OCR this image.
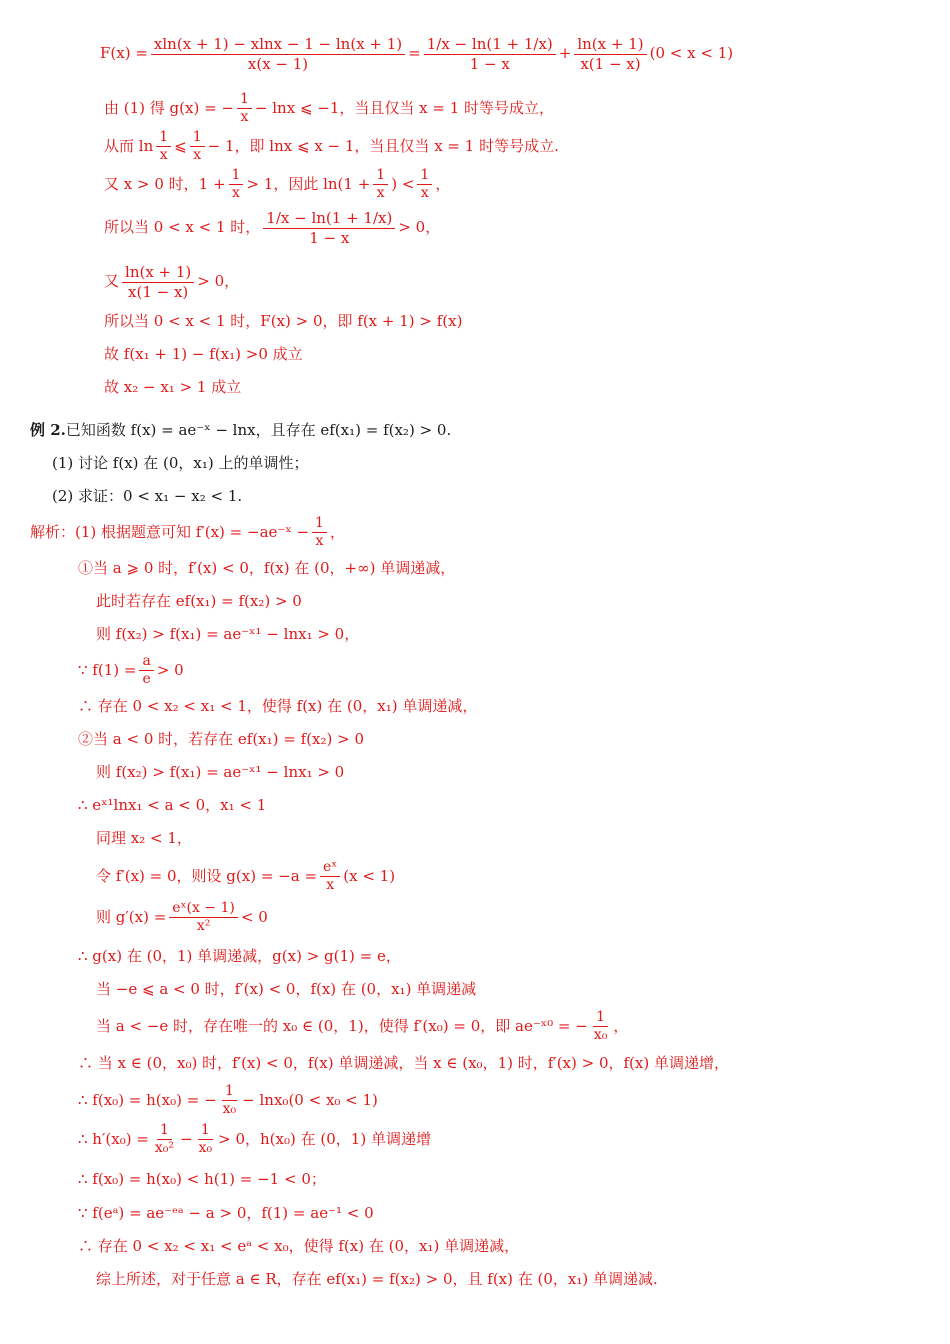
$F(x) = \frac{xln(x + 1) - xlnx - 1 - \ln(x + 1)}{x(x - 1)} = \frac{1/x - \ln(1 + 1/x)}{1 - x} + \frac{\ln(x + 1)}{x(1 - x)} (0 < x < 1)$
由 (1) 得 g(x) = − $\frac{1}{x} - \ln x$ ⩽ −1，当且仅当 x = 1 时等号成立，
从而 $\ln \frac{1}{x}$ ⩽ $\frac{1}{x} - 1$，即 lnx ⩽ x − 1，当且仅当 x = 1 时等号成立.
又 x > 0 时，$1 + \frac{1}{x} > 1$，因此 $\ln(1 + \frac{1}{x}$ ) < $\frac{1}{x}$ ，
所以当 0 < x < 1 时， $\frac{1/x - \ln(1 + 1/x)}{1 - x} > 0$，
又 $\frac{\ln(x + 1)}{x(1 - x)} > 0$，
所以当 0 < x < 1 时，F(x) > 0，即 f(x + 1) > f(x)
故 f(x₁ + 1) − f(x₁) >0 成立
故 x₂ − x₁ > 1 成立
例 2. 已知函数 f(x) = ae⁻ˣ − lnx，且存在 ef(x₁) = f(x₂) > 0.
(1) 讨论 f(x) 在 (0，x₁) 上的单调性；
(2) 求证：0 < x₁ − x₂ < 1.
解析：(1) 根据题意可知 f′(x) = −ae⁻ˣ − $\frac{1}{x}$ ，
①当 a ⩾ 0 时，f′(x) < 0，f(x) 在 (0，+∞) 单调递减，
此时若存在 ef(x₁) = f(x₂) > 0
则 f(x₂) > f(x₁) = ae⁻ˣ¹ − lnx₁ > 0，
∵ $f(1) = \frac{a}{e} > 0$
∴ 存在 0 < x₂ < x₁ < 1，使得 f(x) 在 (0，x₁) 单调递减，
②当 a < 0 时，若存在 ef(x₁) = f(x₂) > 0
则 f(x₂) > f(x₁) = ae⁻ˣ¹ − lnx₁ > 0
∴ eˣ¹lnx₁ < a < 0，x₁ < 1
同理 x₂ < 1，
令 f′(x) = 0，则设 $g(x) = -a = \frac{\text{eˣ}}{x} (x < 1)$
则 $g'(x) = \frac{\text{eˣ(x − 1)}}{\text{x²}} < 0$
∴ g(x) 在 (0，1) 单调递减，g(x) > g(1) = e，
当 −e ⩽ a < 0 时，f′(x) < 0，f(x) 在 (0，x₁) 单调递减
当 a < −e 时，存在唯一的 x₀ ∈ (0，1)，使得 f′(x₀) = 0，即 ae⁻ˣ⁰ = − $\frac{1}{\text{x₀}}$ ，
∴ 当 x ∈ (0，x₀) 时，f′(x) < 0，f(x) 单调递减，当 x ∈ (x₀，1) 时，f′(x) > 0，f(x) 单调递增，
∴ f(x₀) = h(x₀) = − $\frac{1}{\text{x₀}} - \ln x_0(0 < x_0 < 1)$
∴ $h'(x_0) = \frac{1}{\text{x₀²}} - \frac{1}{\text{x₀}} > 0$，h(x₀) 在 (0，1) 单调递增
∴ f(x₀) = h(x₀) < h(1) = −1 < 0；
∵ f(eᵃ) = ae⁻ᵉᵃ − a > 0，f(1) = ae⁻¹ < 0
∴ 存在 0 < x₂ < x₁ < eᵃ < x₀，使得 f(x) 在 (0，x₁) 单调递减，
综上所述，对于任意 a ∈ R，存在 ef(x₁) = f(x₂) > 0，且 f(x) 在 (0，x₁) 单调递减.
